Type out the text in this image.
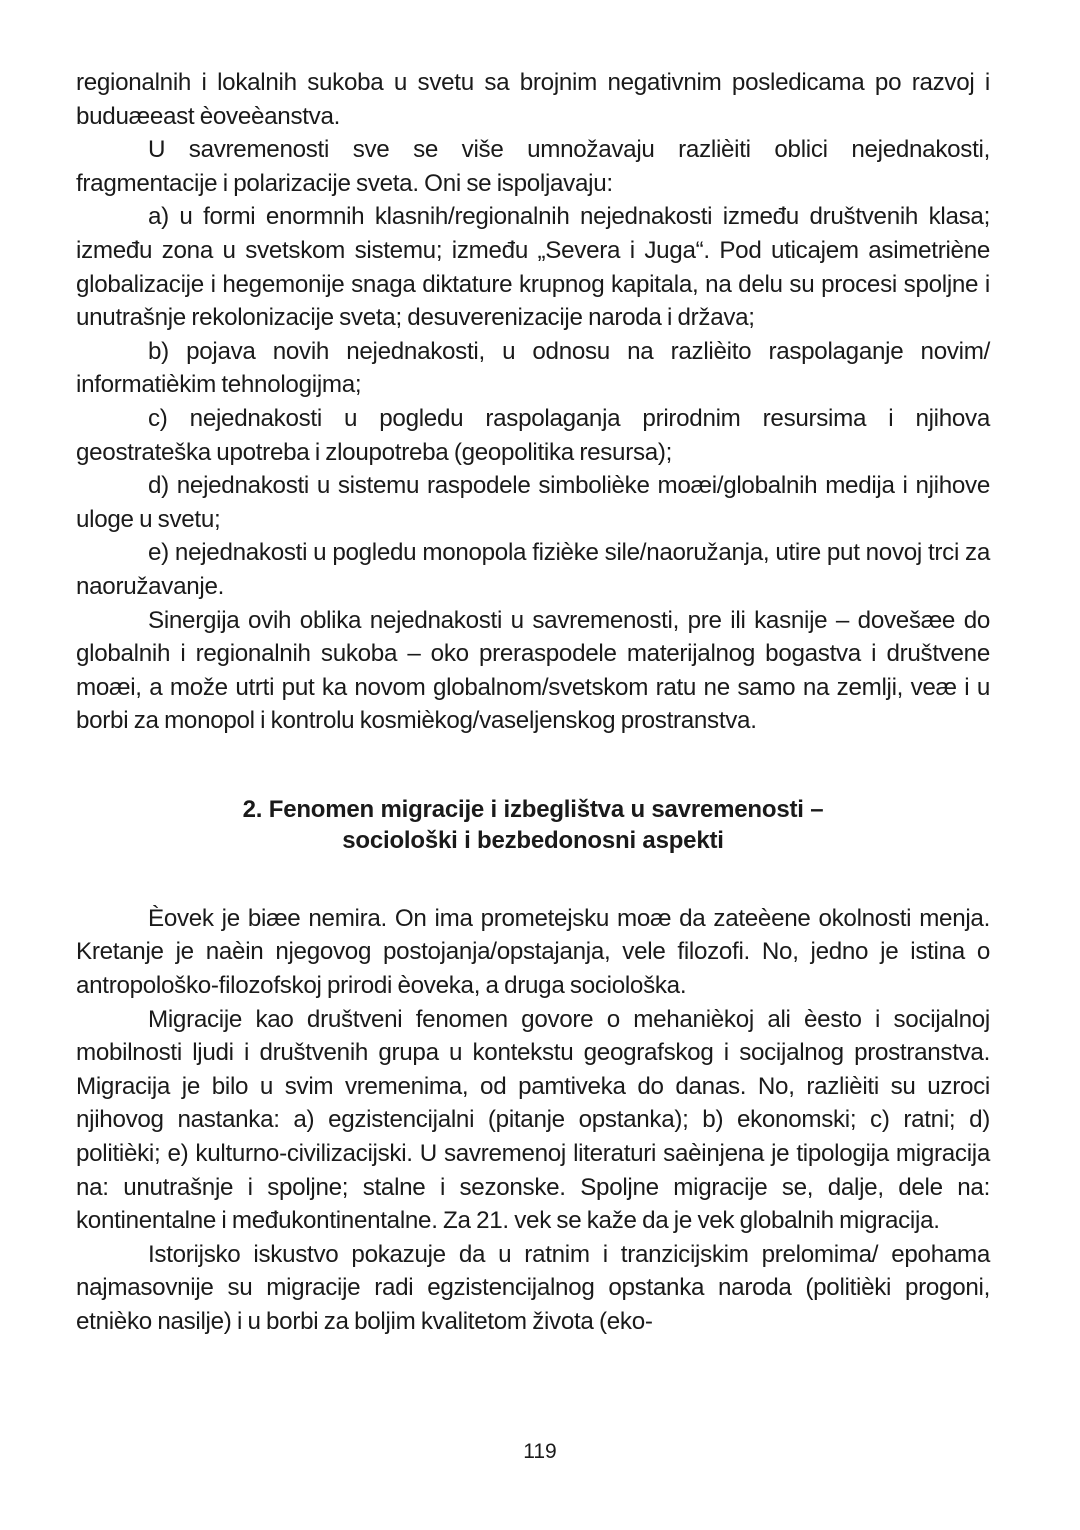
regionalnih i lokalnih sukoba u svetu sa brojnim negativnim posledicama po razvoj i buduæeast èoveèanstva.

U savremenosti sve se više umnožavaju razlièiti oblici nejednakosti, fragmentacije i polarizacije sveta. Oni se ispoljavaju:

a) u formi enormnih klasnih/regionalnih nejednakosti između društvenih klasa; između zona u svetskom sistemu; između „Severa i Juga“. Pod uticajem asimetriène globalizacije i hegemonije snaga diktature krupnog kapitala, na delu su procesi spoljne i unutrašnje rekolonizacije sveta; desuverenizacije naroda i država;

b) pojava novih nejednakosti, u odnosu na razlièito raspolaganje novim/ informatièkim tehnologijma;

c) nejednakosti u pogledu raspolaganja prirodnim resursima i njihova geostrateška upotreba i zloupotreba (geopolitika resursa);

d) nejednakosti u sistemu raspodele simbolièke moæi/globalnih medija i njihove uloge u svetu;

e) nejednakosti u pogledu monopola fizièke sile/naoružanja, utire put novoj trci za naoružavanje.

Sinergija ovih oblika nejednakosti u savremenosti, pre ili kasnije – dovešæe do globalnih i regionalnih sukoba – oko preraspodele materijalnog bogastva i društvene moæi, a može utrti put ka novom globalnom/svetskom ratu ne samo na zemlji, veæ i u borbi za monopol i kontrolu kosmièkog/vaseljenskog prostranstva.

2. Fenomen migracije i izbeglištva u savremenosti –
sociološki i bezbedonosni aspekti

Èovek je biæe nemira. On ima prometejsku moæ da zateèene okolnosti menja. Kretanje je naèin njegovog postojanja/opstajanja, vele filozofi. No, jedno je istina o antropološko-filozofskoj prirodi èoveka, a druga sociološka.

Migracije kao društveni fenomen govore o mehanièkoj ali èesto i socijalnoj mobilnosti ljudi i društvenih grupa u kontekstu geografskog i socijalnog prostranstva. Migracija je bilo u svim vremenima, od pamtiveka do danas. No, razlièiti su uzroci njihovog nastanka: a) egzistencijalni (pitanje opstanka); b) ekonomski; c) ratni; d) politièki; e) kulturno-civilizacijski. U savremenoj literaturi saèinjena je tipologija migracija na: unutrašnje i spoljne; stalne i sezonske. Spoljne migracije se, dalje, dele na: kontinentalne i međukontinentalne. Za 21. vek se kaže da je vek globalnih migracija.

Istorijsko iskustvo pokazuje da u ratnim i tranzicijskim prelomima/ epohama najmasovnije su migracije radi egzistencijalnog opstanka naroda (politièki progoni, etnièko nasilje) i u borbi za boljim kvalitetom života (eko-

119
